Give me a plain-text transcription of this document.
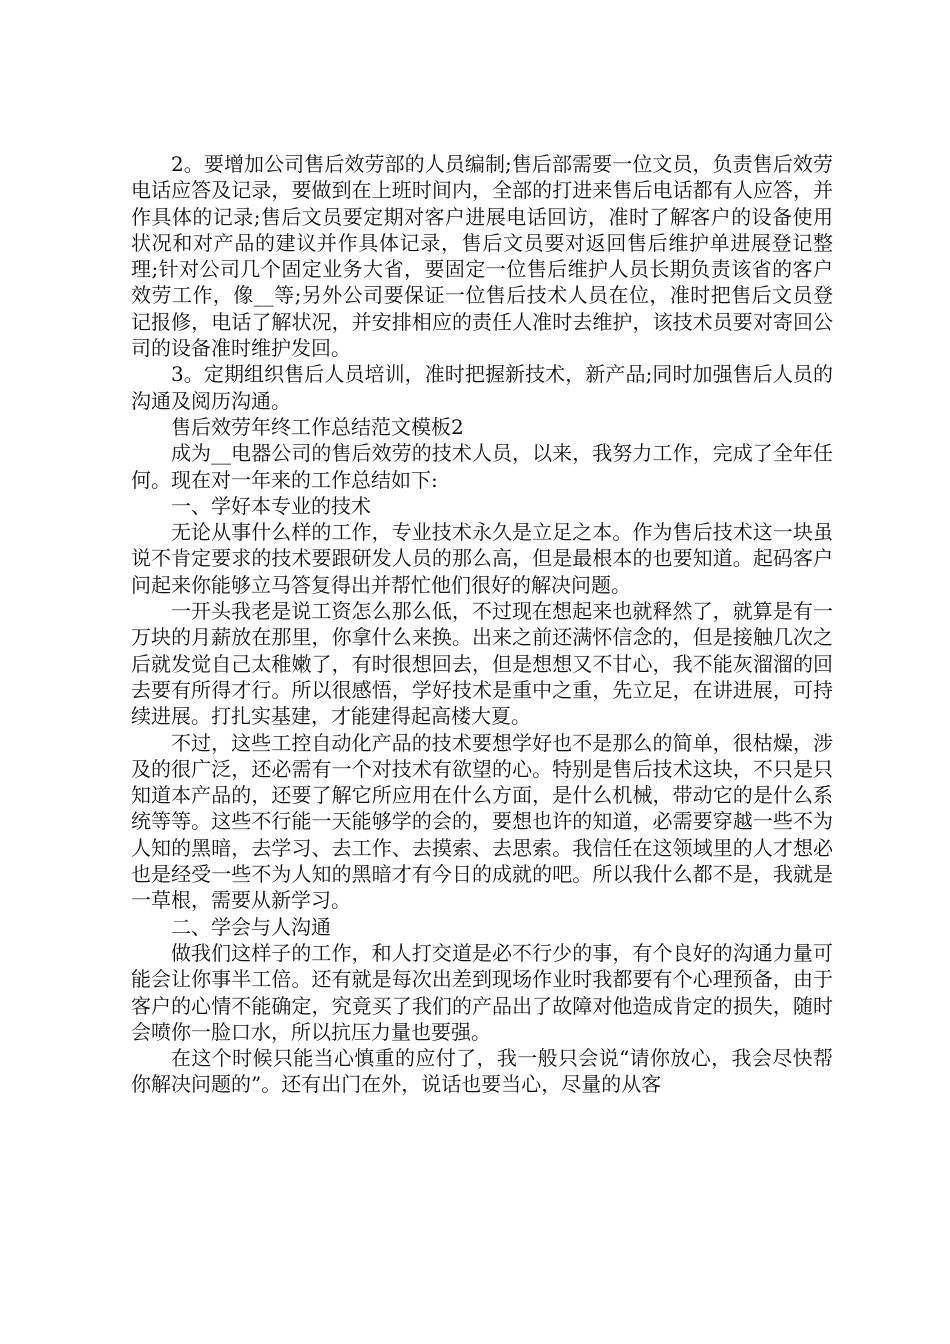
2。要增加公司售后效劳部的人员编制;售后部需要一位文员，负责售后效劳电话应答及记录，要做到在上班时间内，全部的打进来售后电话都有人应答，并作具体的记录;售后文员要定期对客户进展电话回访，准时了解客户的设备使用状况和对产品的建议并作具体记录，售后文员要对返回售后维护单进展登记整理;针对公司几个固定业务大省，要固定一位售后维护人员长期负责该省的客户效劳工作，像__等;另外公司要保证一位售后技术人员在位，准时把售后文员登记报修，电话了解状况，并安排相应的责任人准时去维护，该技术员要对寄回公司的设备准时维护发回。

3。定期组织售后人员培训，准时把握新技术，新产品;同时加强售后人员的沟通及阅历沟通。

售后效劳年终工作总结范文模板2

成为__电器公司的售后效劳的技术人员，以来，我努力工作，完成了全年任何。现在对一年来的工作总结如下:

一、学好本专业的技术

无论从事什么样的工作，专业技术永久是立足之本。作为售后技术这一块虽说不肯定要求的技术要跟研发人员的那么高，但是最根本的也要知道。起码客户问起来你能够立马答复得出并帮忙他们很好的解决问题。

一开头我老是说工资怎么那么低，不过现在想起来也就释然了，就算是有一万块的月薪放在那里，你拿什么来换。出来之前还满怀信念的，但是接触几次之后就发觉自己太稚嫩了，有时很想回去，但是想想又不甘心，我不能灰溜溜的回去要有所得才行。所以很感悟，学好技术是重中之重，先立足，在讲进展，可持续进展。打扎实基建，才能建得起高楼大夏。

不过，这些工控自动化产品的技术要想学好也不是那么的简单，很枯燥，涉及的很广泛，还必需有一个对技术有欲望的心。特别是售后技术这块，不只是只知道本产品的，还要了解它所应用在什么方面，是什么机械，带动它的是什么系统等等。这些不行能一天能够学的会的，要想也许的知道，必需要穿越一些不为人知的黑暗，去学习、去工作、去摸索、去思索。我信任在这领域里的人才想必也是经受一些不为人知的黑暗才有今日的成就的吧。所以我什么都不是，我就是一草根，需要从新学习。

二、学会与人沟通

做我们这样子的工作，和人打交道是必不行少的事，有个良好的沟通力量可能会让你事半工倍。还有就是每次出差到现场作业时我都要有个心理预备，由于客户的心情不能确定，究竟买了我们的产品出了故障对他造成肯定的损失，随时会喷你一脸口水，所以抗压力量也要强。

在这个时候只能当心慎重的应付了，我一般只会说“请你放心，我会尽快帮你解决问题的”。还有出门在外，说话也要当心，尽量的从客
